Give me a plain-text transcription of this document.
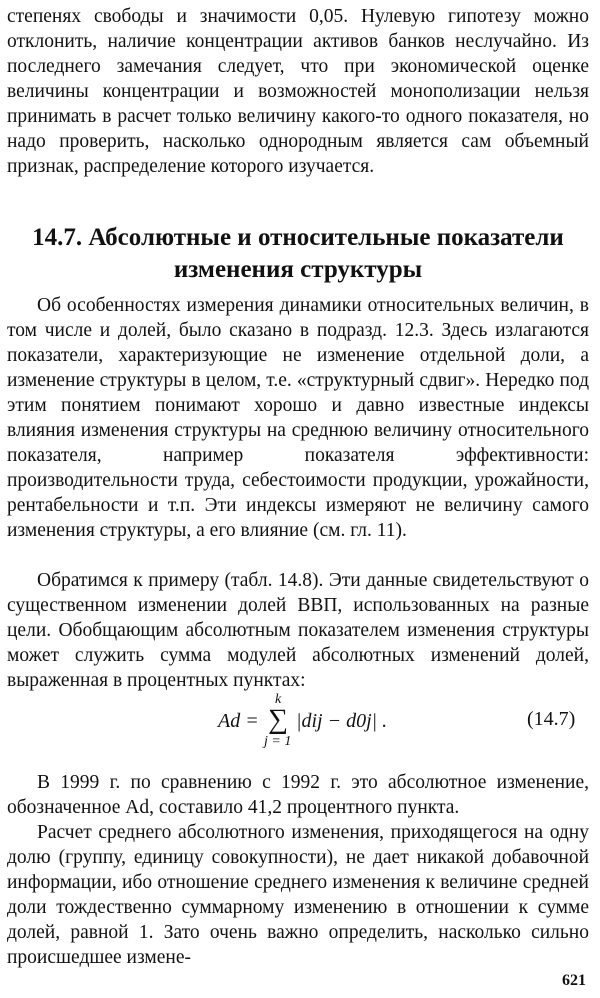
степенях свободы и значимости 0,05. Нулевую гипотезу можно отклонить, наличие концентрации активов банков неслучайно. Из последнего замечания следует, что при экономической оценке величины концентрации и возможностей монополизации нельзя принимать в расчет только величину какого-то одного показателя, но надо проверить, насколько однородным является сам объемный признак, распределение которого изучается.

14.7. Абсолютные и относительные показатели изменения структуры

Об особенностях измерения динамики относительных величин, в том числе и долей, было сказано в подразд. 12.3. Здесь излагаются показатели, характеризующие не изменение отдельной доли, а изменение структуры в целом, т.е. «структурный сдвиг». Нередко под этим понятием понимают хорошо и давно известные индексы влияния изменения структуры на среднюю величину относительного показателя, например показателя эффективности: производительности труда, себестоимости продукции, урожайности, рентабельности и т.п. Эти индексы измеряют не величину самого изменения структуры, а его влияние (см. гл. 11).

Обратимся к примеру (табл. 14.8). Эти данные свидетельствуют о существенном изменении долей ВВП, использованных на разные цели. Обобщающим абсолютным показателем изменения структуры может служить сумма модулей абсолютных изменений долей, выраженная в процентных пунктах:

Ad =
k
∑
j = 1
|dij − d0j| .	(14.7)

В 1999 г. по сравнению с 1992 г. это абсолютное изменение, обозначенное Ad, составило 41,2 процентного пункта.

Расчет среднего абсолютного изменения, приходящегося на одну долю (группу, единицу совокупности), не дает никакой добавочной информации, ибо отношение среднего изменения к величине средней доли тождественно суммарному изменению в отношении к сумме долей, равной 1. Зато очень важно определить, насколько сильно происшедшее измене-

621
